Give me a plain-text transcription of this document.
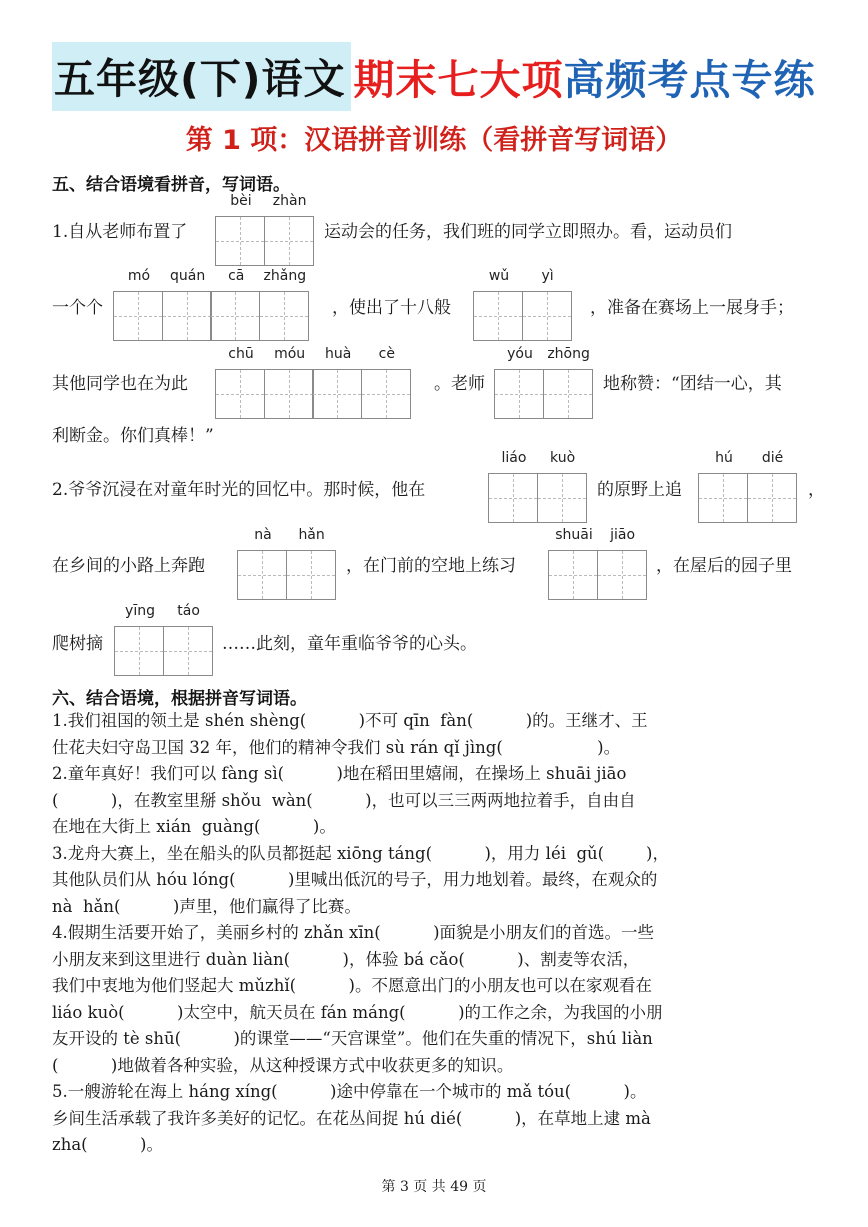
五年级(下)语文 期末七大项 高频考点专练
第 1 项：汉语拼音训练（看拼音写词语）
五、结合语境看拼音，写词语。
1.自从老师布置了
bèi	zhàn
运动会的任务，我们班的同学立即照办。看，运动员们
一个个
mó	quán	cā	zhǎng
，使出了十八般
wǔ	yì
，准备在赛场上一展身手；
其他同学也在为此
chū	móu	huà	cè
。老师
yóu	zhōng
地称赞：“团结一心，其
利断金。你们真棒！”
2.爷爷沉浸在对童年时光的回忆中。那时候，他在
liáo	kuò
的原野上追
hú	dié
，
在乡间的小路上奔跑
nà	hǎn
，在门前的空地上练习
shuāi	jiāo
，在屋后的园子里
爬树摘
yīng	táo
……此刻，童年重临爷爷的心头。
六、结合语境，根据拼音写词语。
1.我们祖国的领土是 shén shèng(          )不可 qīn  fàn(          )的。王继才、王
仕花夫妇守岛卫国 32 年，他们的精神令我们 sù rán qǐ jìng(                  )。
2.童年真好！我们可以 fàng sì(          )地在稻田里嬉闹，在操场上 shuāi jiāo
(          )，在教室里掰 shǒu  wàn(          )，也可以三三两两地拉着手，自由自
在地在大街上 xián  guàng(          )。
3.龙舟大赛上，坐在船头的队员都挺起 xiōng táng(          )，用力 léi  gǔ(        )，
其他队员们从 hóu lóng(          )里喊出低沉的号子，用力地划着。最终，在观众的
nà  hǎn(          )声里，他们赢得了比赛。
4.假期生活要开始了，美丽乡村的 zhǎn xīn(          )面貌是小朋友们的首选。一些
小朋友来到这里进行 duàn liàn(          )，体验 bá cǎo(          )、割麦等农活，
我们中衷地为他们竖起大 mǔzhǐ(          )。不愿意出门的小朋友也可以在家观看在
liáo kuò(          )太空中，航天员在 fán máng(          )的工作之余，为我国的小朋
友开设的 tè shū(          )的课堂——“天宫课堂”。他们在失重的情况下，shú liàn
(          )地做着各种实验，从这种授课方式中收获更多的知识。
5.一艘游轮在海上 háng xíng(          )途中停靠在一个城市的 mǎ tóu(          )。
乡间生活承载了我许多美好的记忆。在花丛间捉 hú dié(          )，在草地上逮 mà
zha(          )。
第 3 页 共 49 页
